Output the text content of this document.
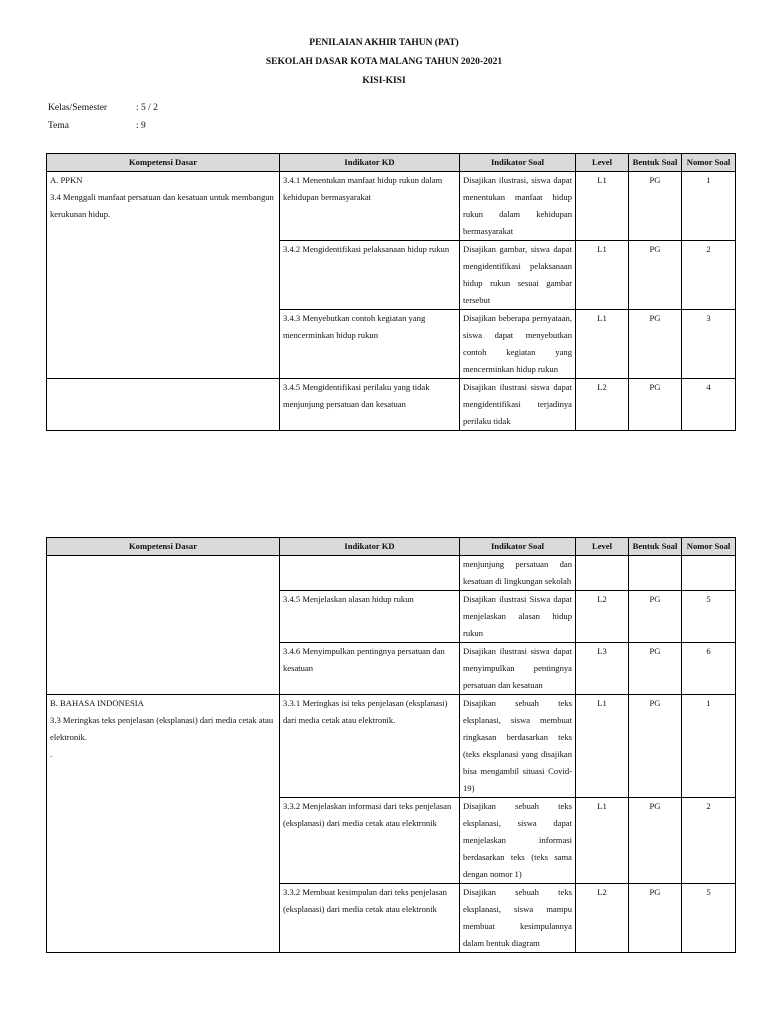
PENILAIAN AKHIR TAHUN (PAT)
SEKOLAH DASAR KOTA MALANG TAHUN 2020-2021
KISI-KISI
Kelas/Semester	: 5 / 2
Tema	: 9
Kompetensi Dasar	Indikator KD	Indikator Soal	Level	Bentuk Soal	Nomor Soal
A. PPKN
3.4 Menggali manfaat persatuan dan kesatuan untuk membangun kerukunan hidup.	3.4.1 Menentukan manfaat hidup rukun dalam kehidupan bermasyarakat	Disajikan ilustrasi, siswa dapat menentukan manfaat hidup rukun dalam kehidupan bermasyarakat	L1	PG	1
	3.4.2 Mengidentifikasi pelaksanaan hidup rukun	Disajikan gambar, siswa dapat mengidentifikasi pelaksanaan hidup rukun sesuai gambar tersebut	L1	PG	2
	3.4.3 Menyebutkan contoh kegiatan yang mencerminkan hidup rukun	Disajikan beberapa pernyataan, siswa dapat menyebutkan contoh kegiatan yang mencerminkan hidup rukun	L1	PG	3
	3.4.5 Mengidentifikasi perilaku yang tidak menjunjung persatuan dan kesatuan	Disajikan ilustrasi siswa dapat mengidentifikasi terjadinya perilaku tidak	L2	PG	4
Kompetensi Dasar	Indikator KD	Indikator Soal	Level	Bentuk Soal	Nomor Soal
		menjunjung persatuan dan kesatuan di lingkungan sekolah			
	3.4.5 Menjelaskan alasan hidup rukun	Disajikan ilustrasi Siswa dapat menjelaskan alasan hidup rukun	L2	PG	5
	3.4.6 Menyimpulkan pentingnya persatuan dan kesatuan	Disajikan ilustrasi siswa dapat menyimpulkan pentingnya persatuan dan kesatuan	L3	PG	6
B. BAHASA INDONESIA
3.3 Meringkas teks penjelasan (eksplanasi) dari media cetak atau elektronik.
.	3.3.1 Meringkas isi teks penjelasan (eksplanasi) dari media cetak atau elektronik.	Disajikan sebuah teks eksplanasi, siswa membuat ringkasan berdasarkan teks (teks eksplanasi yang disajikan bisa mengambil situasi Covid-19)	L1	PG	1
	3.3.2 Menjelaskan informasi dari teks penjelasan (eksplanasi) dari media cetak atau elektronik	Disajikan sebuah teks eksplanasi, siswa dapat menjelaskan informasi berdasarkan teks (teks sama dengan nomor 1)	L1	PG	2
	3.3.2 Membuat kesimpulan dari teks penjelasan (eksplanasi) dari media cetak atau elektronik	Disajikan sebuah teks eksplanasi, siswa mampu membuat kesimpulannya dalam bentuk diagram	L2	PG	5
